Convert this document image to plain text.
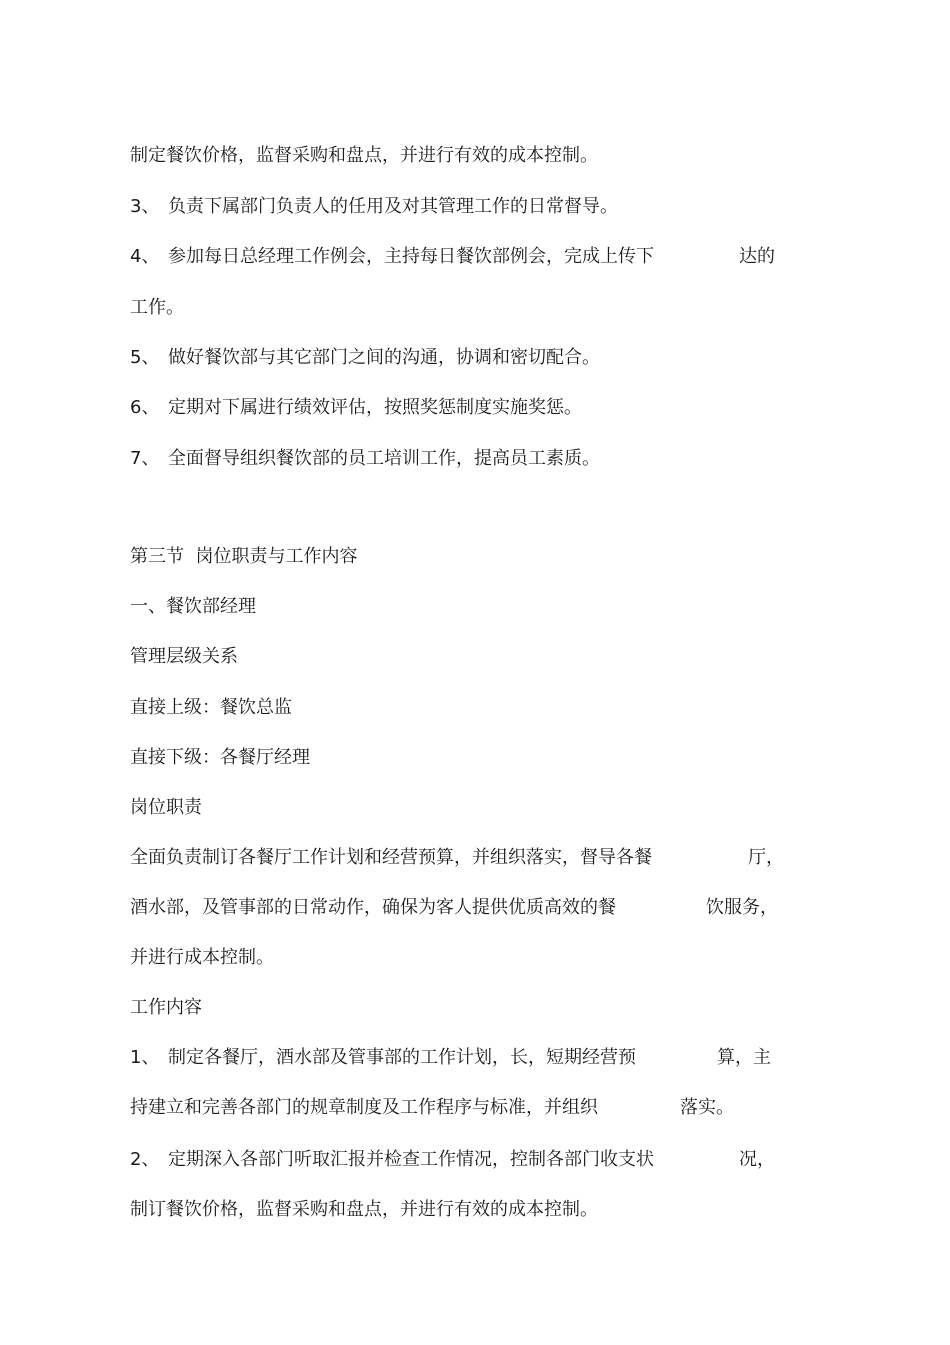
制定餐饮价格，监督采购和盘点，并进行有效的成本控制。
3、 负责下属部门负责人的任用及对其管理工作的日常督导。
4、 参加每日总经理工作例会，主持每日餐饮部例会，完成上传下	达的
工作。
5、 做好餐饮部与其它部门之间的沟通，协调和密切配合。
6、 定期对下属进行绩效评估，按照奖惩制度实施奖惩。
7、 全面督导组织餐饮部的员工培训工作，提高员工素质。
第三节  岗位职责与工作内容
一、餐饮部经理
管理层级关系
直接上级：餐饮总监
直接下级：各餐厅经理
岗位职责
全面负责制订各餐厅工作计划和经营预算，并组织落实，督导各餐	厅，
酒水部，及管事部的日常动作，确保为客人提供优质高效的餐	饮服务，
并进行成本控制。
工作内容
1、 制定各餐厅，酒水部及管事部的工作计划，长，短期经营预	算，主
持建立和完善各部门的规章制度及工作程序与标准，并组织	落实。
2、 定期深入各部门听取汇报并检查工作情况，控制各部门收支状	况，
制订餐饮价格，监督采购和盘点，并进行有效的成本控制。
